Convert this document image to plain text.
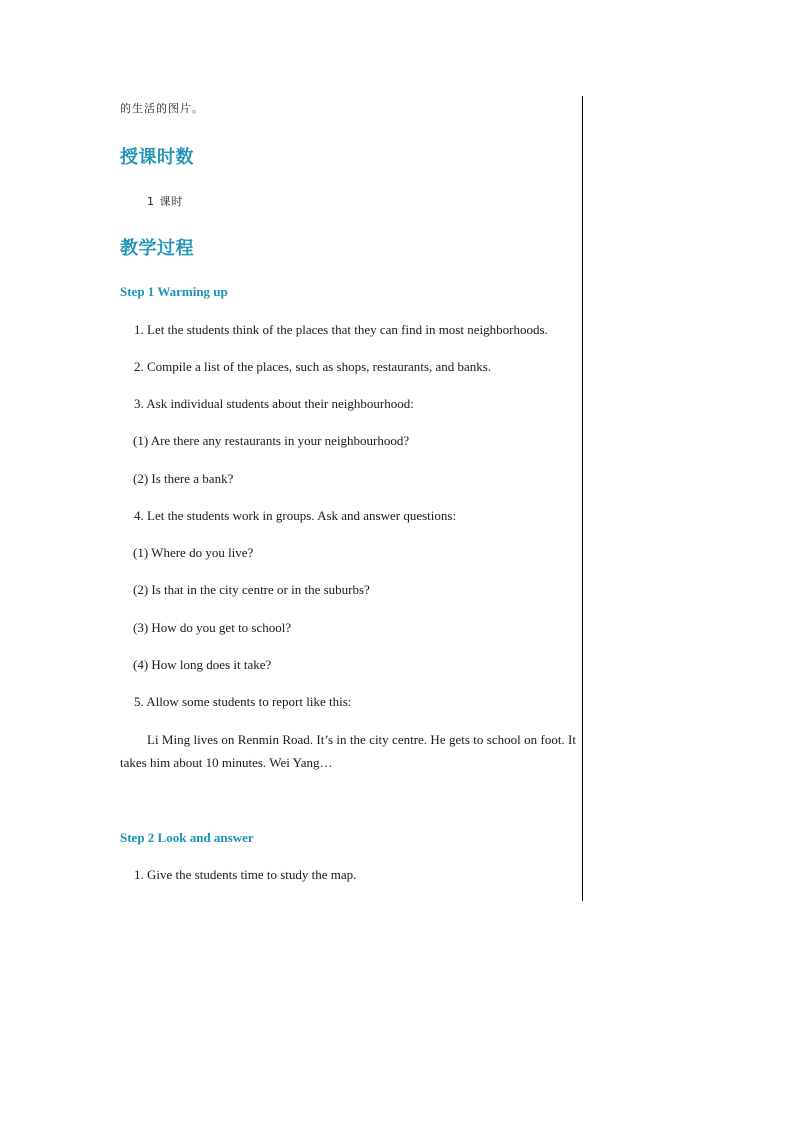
的生活的图片。
授课时数
1 课时
教学过程
Step 1 Warming up
1. Let the students think of the places that they can find in most neighborhoods.
2. Compile a list of the places, such as shops, restaurants, and banks.
3. Ask individual students about their neighbourhood:
(1) Are there any restaurants in your neighbourhood?
(2) Is there a bank?
4. Let the students work in groups. Ask and answer questions:
(1) Where do you live?
(2) Is that in the city centre or in the suburbs?
(3) How do you get to school?
(4) How long does it take?
5. Allow some students to report like this:
Li Ming lives on Renmin Road. It’s in the city centre. He gets to school on foot. It takes him about 10 minutes. Wei Yang…
Step 2 Look and answer
1. Give the students time to study the map.
